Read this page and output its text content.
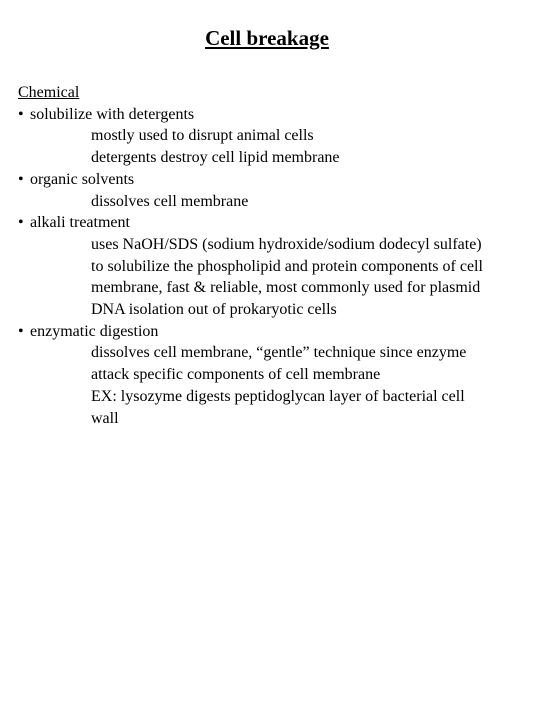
Cell breakage
Chemical
• solubilize with detergents
mostly used to disrupt animal cells
detergents destroy cell lipid membrane
• organic solvents
dissolves cell membrane
• alkali treatment
uses NaOH/SDS (sodium hydroxide/sodium dodecyl sulfate)
to solubilize the phospholipid and protein components of cell
membrane, fast & reliable, most commonly used for plasmid
DNA isolation out of prokaryotic cells
• enzymatic digestion
dissolves cell membrane, “gentle” technique since enzyme
attack specific components of cell membrane
EX: lysozyme digests peptidoglycan layer of bacterial cell
wall
